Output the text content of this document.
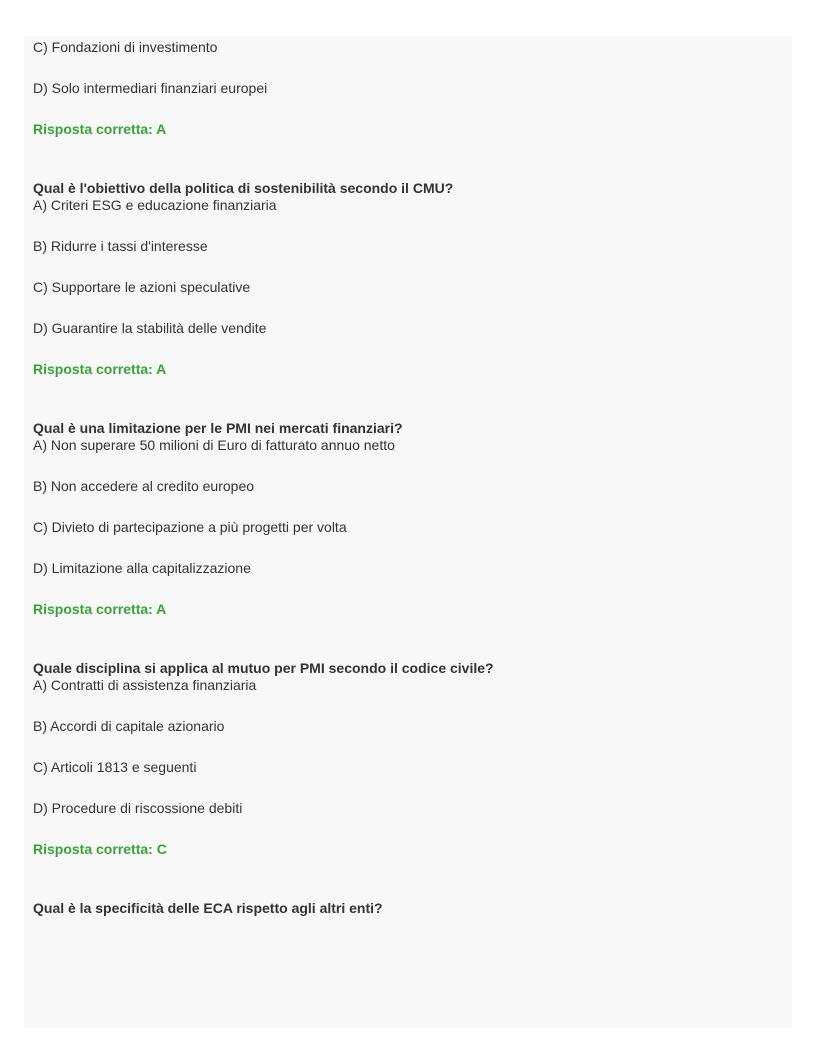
C) Fondazioni di investimento

D) Solo intermediari finanziari europei

Risposta corretta: A

Qual è l'obiettivo della politica di sostenibilità secondo il CMU?

A) Criteri ESG e educazione finanziaria

B) Ridurre i tassi d'interesse

C) Supportare le azioni speculative

D) Guarantire la stabilità delle vendite

Risposta corretta: A

Qual è una limitazione per le PMI nei mercati finanziari?

A) Non superare 50 milioni di Euro di fatturato annuo netto

B) Non accedere al credito europeo

C) Divieto di partecipazione a più progetti per volta

D) Limitazione alla capitalizzazione

Risposta corretta: A

Quale disciplina si applica al mutuo per PMI secondo il codice civile?

A) Contratti di assistenza finanziaria

B) Accordi di capitale azionario

C) Articoli 1813 e seguenti

D) Procedure di riscossione debiti

Risposta corretta: C

Qual è la specificità delle ECA rispetto agli altri enti?
